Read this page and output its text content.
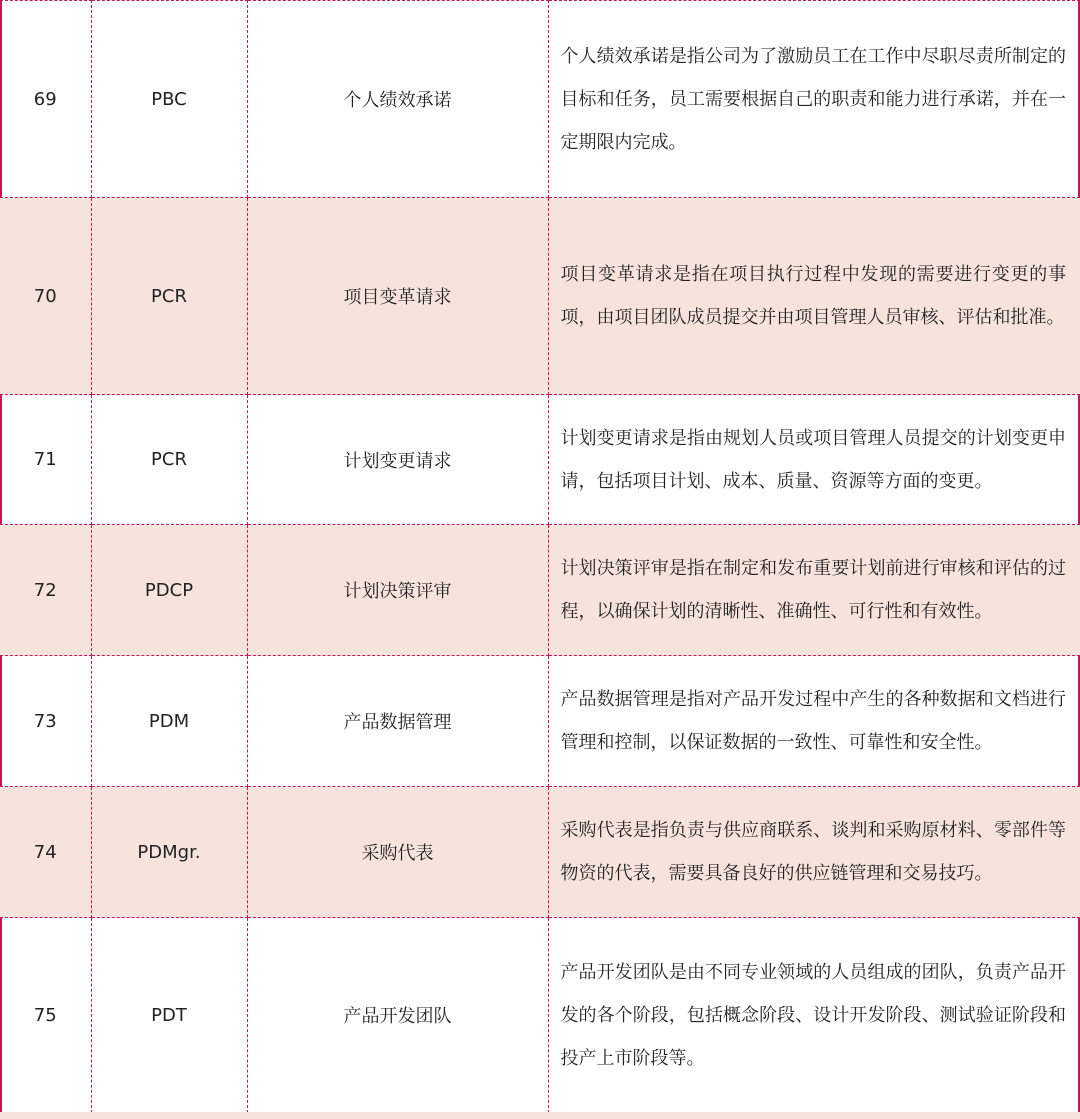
69	PBC	个人绩效承诺	个人绩效承诺是指公司为了激励员工在工作中尽职尽责所制定的目标和任务，员工需要根据自己的职责和能力进行承诺，并在一定期限内完成。
70	PCR	项目变革请求	项目变革请求是指在项目执行过程中发现的需要进行变更的事项，由项目团队成员提交并由项目管理人员审核、评估和批准。
71	PCR	计划变更请求	计划变更请求是指由规划人员或项目管理人员提交的计划变更申请，包括项目计划、成本、质量、资源等方面的变更。
72	PDCP	计划决策评审	计划决策评审是指在制定和发布重要计划前进行审核和评估的过程，以确保计划的清晰性、准确性、可行性和有效性。
73	PDM	产品数据管理	产品数据管理是指对产品开发过程中产生的各种数据和文档进行管理和控制，以保证数据的一致性、可靠性和安全性。
74	PDMgr.	采购代表	采购代表是指负责与供应商联系、谈判和采购原材料、零部件等物资的代表，需要具备良好的供应链管理和交易技巧。
75	PDT	产品开发团队	产品开发团队是由不同专业领域的人员组成的团队，负责产品开发的各个阶段，包括概念阶段、设计开发阶段、测试验证阶段和投产上市阶段等。
